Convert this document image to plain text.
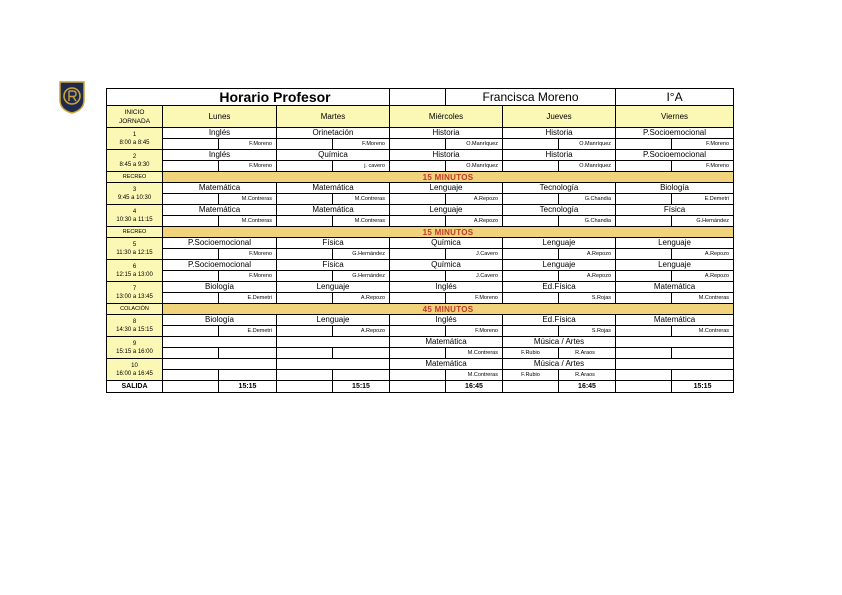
Horario Profesor						Francisca Moreno			I°A	
INICIO
JORNADA	Lunes		Martes		Miércoles		Jueves		Viernes	

1
8:00 a 8:45	Inglés		Orinetación		Historia		Historia		P.Socioemocional	
		F.Moreno		F.Moreno		O.Manríquez		O.Manríquez		F.Moreno

2
8:45 a 9:30	Inglés		Química		Historia		Historia		P.Socioemocional	
		F.Moreno		j. cavero		O.Manríquez		O.Manríquez		F.Moreno
RECREO	15 MINUTOS									

3
9:45 a 10:30	Matemática		Matemática		Lenguaje		Tecnología		Biología	
		M.Contreras		M.Contreras		A.Repozo		G.Chandia		E.Demetri

4
10:30 a 11:15	Matemática		Matemática		Lenguaje		Tecnología		Física	
		M.Contreras		M.Contreras		A.Repozo		G.Chandia		G.Hernández
RECREO	15 MINUTOS									

5
11:30 a 12:15	P.Socioemocional		Física		Química		Lenguaje		Lenguaje	
		F.Moreno		G.Hernández		J.Cavero		A.Repozo		A.Repozo

6
12:15 a 13:00	P.Socioemocional		Física		Química		Lenguaje		Lenguaje	
		F.Moreno		G.Hernández		J.Cavero		A.Repozo		A.Repozo

7
13:00 a 13:45	Biología		Lenguaje		Inglés		Ed.Física		Matemática	
		E.Demetri		A.Repozo		F.Moreno		S.Rojas		M.Contreras
COLACIÓN	45 MINUTOS									

8
14:30 a 15:15	Biología		Lenguaje		Inglés		Ed.Física		Matemática	
		E.Demetri		A.Repozo		F.Moreno		S.Rojas		M.Contreras

9
15:15 a 16:00					Matemática		Música / Artes			
						M.Contreras	F.Rubio	R.Araos		

10
16:00 a 16:45					Matemática		Música / Artes			
						M.Contreras	F.Rubio	R.Araos		
SALIDA		15:15		15:15		16:45		16:45		15:15
